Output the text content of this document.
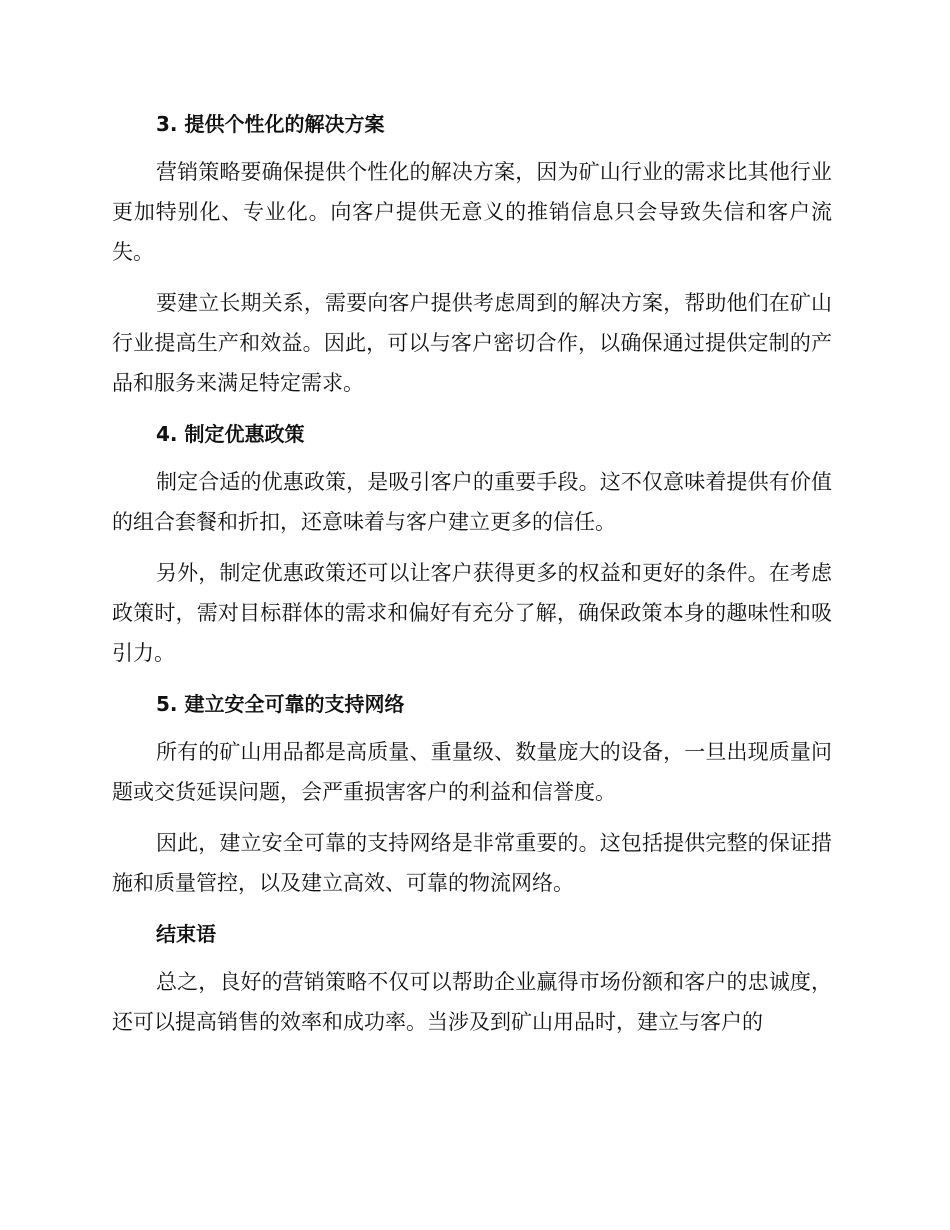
3. 提供个性化的解决方案

营销策略要确保提供个性化的解决方案，因为矿山行业的需求比其他行业更加特别化、专业化。向客户提供无意义的推销信息只会导致失信和客户流失。

要建立长期关系，需要向客户提供考虑周到的解决方案，帮助他们在矿山行业提高生产和效益。因此，可以与客户密切合作，以确保通过提供定制的产品和服务来满足特定需求。

4. 制定优惠政策

制定合适的优惠政策，是吸引客户的重要手段。这不仅意味着提供有价值的组合套餐和折扣，还意味着与客户建立更多的信任。

另外，制定优惠政策还可以让客户获得更多的权益和更好的条件。在考虑政策时，需对目标群体的需求和偏好有充分了解，确保政策本身的趣味性和吸引力。

5. 建立安全可靠的支持网络

所有的矿山用品都是高质量、重量级、数量庞大的设备，一旦出现质量问题或交货延误问题，会严重损害客户的利益和信誉度。

因此，建立安全可靠的支持网络是非常重要的。这包括提供完整的保证措施和质量管控，以及建立高效、可靠的物流网络。

结束语

总之，良好的营销策略不仅可以帮助企业赢得市场份额和客户的忠诚度，还可以提高销售的效率和成功率。当涉及到矿山用品时，建立与客户的
